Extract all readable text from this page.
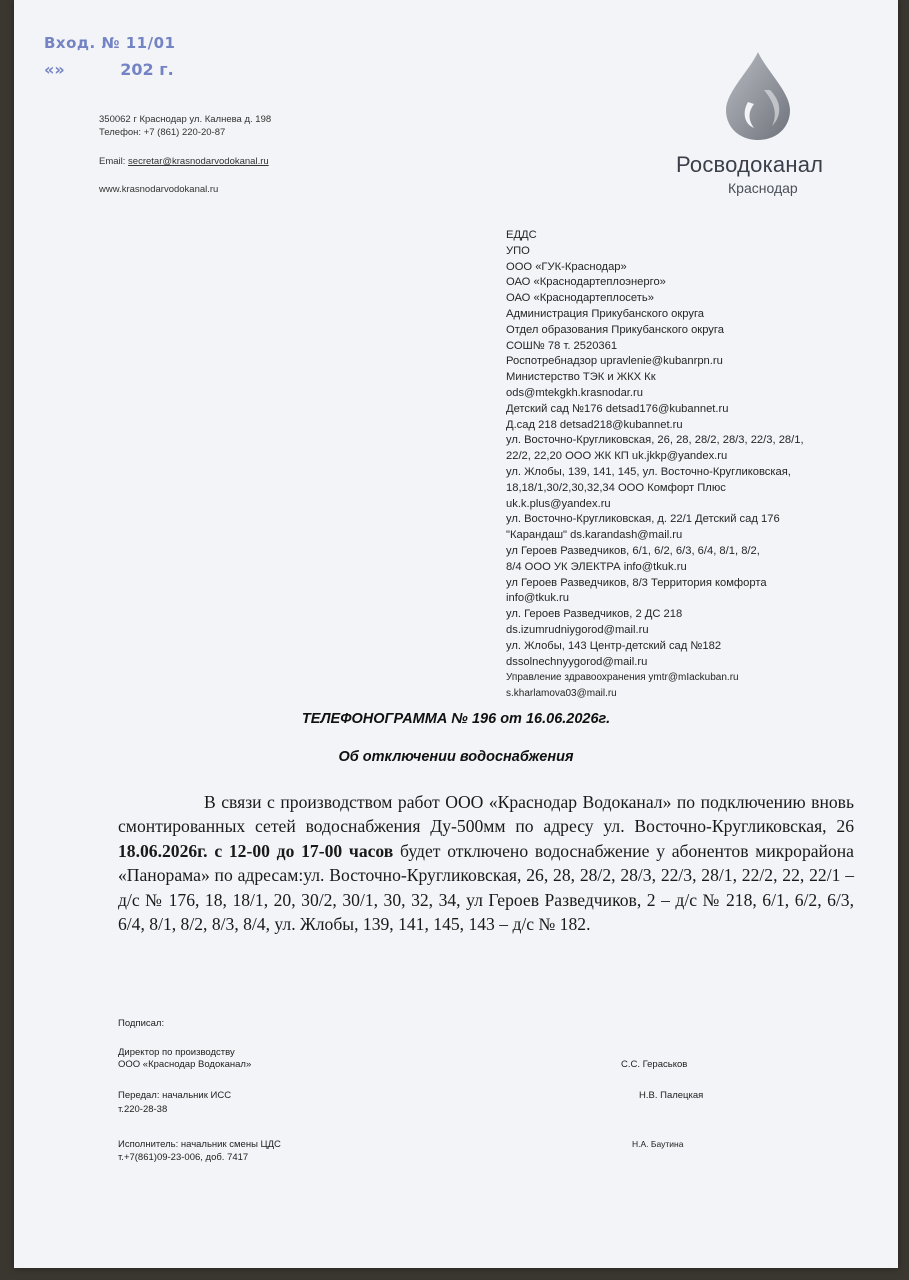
Вход. № 11/01
«»	202 г.
350062 г Краснодар ул. Калнева д. 198
Телефон: +7 (861) 220-20-87
Email: secretar@krasnodarvodokanal.ru
www.krasnodarvodokanal.ru
Росводоканал
Краснодар
ЕДДС
УПО
ООО «ГУК-Краснодар»
ОАО «Краснодартеплоэнерго»
ОАО «Краснодартеплосеть»
Администрация Прикубанского округа
Отдел образования Прикубанского округа
СОШ№ 78 т. 2520361
Роспотребнадзор upravlenie@kubanrpn.ru
Министерство ТЭК и ЖКХ Кк
ods@mtekgkh.krasnodar.ru
Детский сад №176 detsad176@kubannet.ru
Д.сад 218 detsad218@kubannet.ru
ул. Восточно-Кругликовская, 26, 28, 28/2, 28/3, 22/3, 28/1,
22/2, 22,20 ООО ЖК КП uk.jkkp@yandex.ru
ул. Жлобы, 139, 141, 145, ул. Восточно-Кругликовская,
18,18/1,30/2,30,32,34 ООО Комфорт Плюс
uk.k.plus@yandex.ru
ул. Восточно-Кругликовская, д. 22/1 Детский сад 176
"Карандаш" ds.karandash@mail.ru
ул Героев Разведчиков, 6/1, 6/2, 6/3, 6/4, 8/1, 8/2,
8/4 ООО УК ЭЛЕКТРА info@tkuk.ru
ул Героев Разведчиков, 8/3 Территория комфорта
info@tkuk.ru
ул. Героев Разведчиков, 2 ДС 218
ds.izumrudniygorod@mail.ru
ул. Жлобы, 143 Центр-детский сад №182
dssolnechnyygorod@mail.ru
Управление здравоохранения ymtr@mIackuban.ru
s.kharlamova03@mail.ru
ТЕЛЕФОНОГРАММА № 196 от 16.06.2026г.
Об отключении водоснабжения

В связи с производством работ ООО «Краснодар Водоканал» по подключению вновь смонтированных сетей водоснабжения Ду-500мм по адресу ул. Восточно-Кругликовская, 26 18.06.2026г. с 12-00 до 17-00 часов будет отключено водоснабжение у абонентов микрорайона «Панорама» по адресам:ул. Восточно-Кругликовская, 26, 28, 28/2, 28/3, 22/3, 28/1, 22/2, 22, 22/1 – д/с № 176, 18, 18/1, 20, 30/2, 30/1, 30, 32, 34, ул Героев Разведчиков, 2 – д/с № 218, 6/1, 6/2, 6/3, 6/4, 8/1, 8/2, 8/3, 8/4, ул. Жлобы, 139, 141, 145, 143 – д/с № 182.

Подписал:
Директор по производству
ООО «Краснодар Водоканал»	С.С. Гераськов
Передал: начальник ИСС
т.220-28-38
Н.В. Палецкая
Исполнитель: начальник смены ЦДС
т.+7(861)09-23-006, доб. 7417
Н.А. Баутина
